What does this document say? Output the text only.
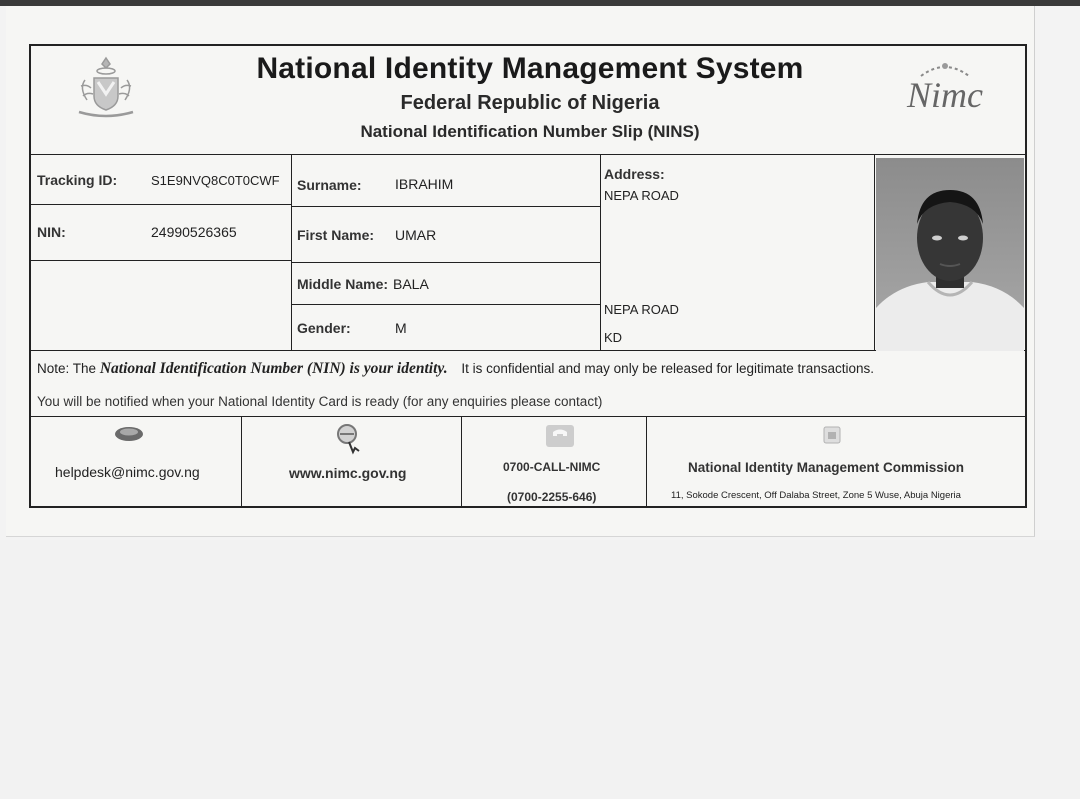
National Identity Management System
Federal Republic of Nigeria
National Identification Number Slip (NINS)
Nimc
Tracking ID:	S1E9NVQ8C0T0CWF
NIN:	24990526365
Surname: IBRAHIM
First Name: UMAR
Middle Name: BALA
Gender:	M
Address:
NEPA ROAD
NEPA ROAD
KD
Note: The National Identification Number (NIN) is your identity. It is confidential and may only be released for legitimate transactions.
You will be notified when your National Identity Card is ready (for any enquiries please contact)
helpdesk@nimc.gov.ng	www.nimc.gov.ng	0700-CALL-NIMC
(0700-2255-646)
National Identity Management Commission
11, Sokode Crescent, Off Dalaba Street, Zone 5 Wuse, Abuja Nigeria
